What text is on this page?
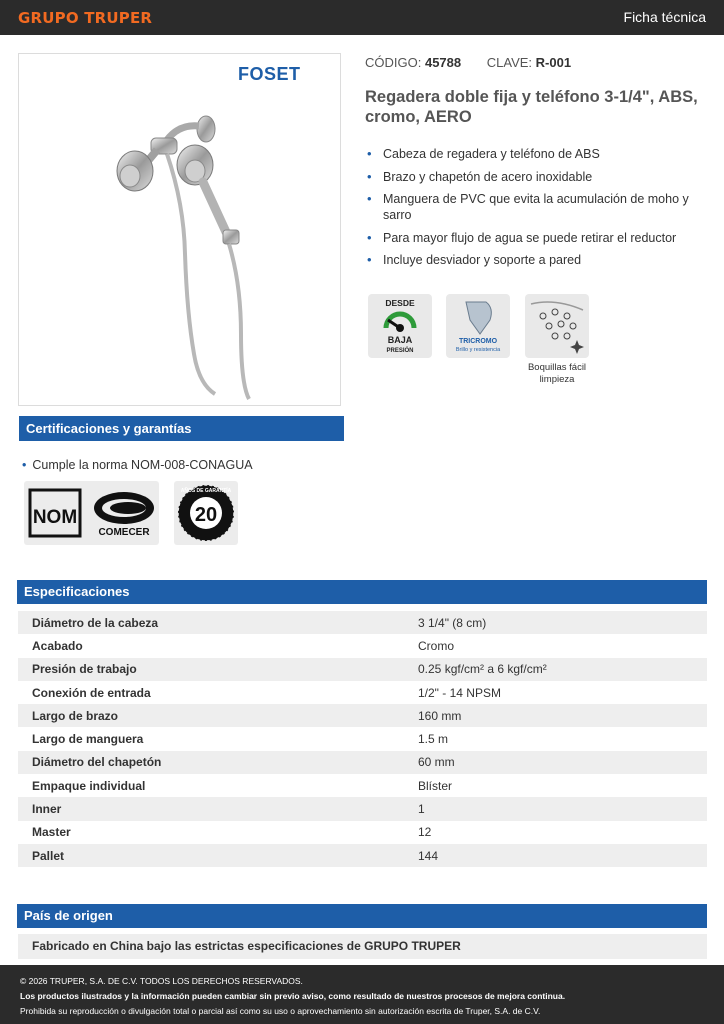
GRUPO TRUPER	Ficha técnica
FOSET
CÓDIGO: 45788 CLAVE: R-001
Regadera doble fija y teléfono 3-1/4", ABS, cromo, AERO
• Cabeza de regadera y teléfono de ABS
• Brazo y chapetón de acero inoxidable
• Manguera de PVC que evita la acumulación de moho y sarro
• Para mayor flujo de agua se puede retirar el reductor
• Incluye desviador y soporte a pared
DESDE
BAJA
PRESIÓN
TRICROMO
Brillo y resistencia
Boquillas fácil limpieza
Certificaciones y garantías
• Cumple la norma NOM-008-CONAGUA
NOM
COMECER
20
AÑOS DE GARANTÍA
Especificaciones
Diámetro de la cabeza	3 1/4" (8 cm)
Acabado	Cromo
Presión de trabajo	0.25 kgf/cm² a 6 kgf/cm²
Conexión de entrada	1/2" - 14 NPSM
Largo de brazo	160 mm
Largo de manguera	1.5 m
Diámetro del chapetón	60 mm
Empaque individual	Blíster
Inner	1
Master	12
Pallet	144
País de origen
Fabricado en China bajo las estrictas especificaciones de GRUPO TRUPER
© 2026 TRUPER, S.A. DE C.V. TODOS LOS DERECHOS RESERVADOS.
Los productos ilustrados y la información pueden cambiar sin previo aviso, como resultado de nuestros procesos de mejora continua.
Prohibida su reproducción o divulgación total o parcial así como su uso o aprovechamiento sin autorización escrita de Truper, S.A. de C.V.
